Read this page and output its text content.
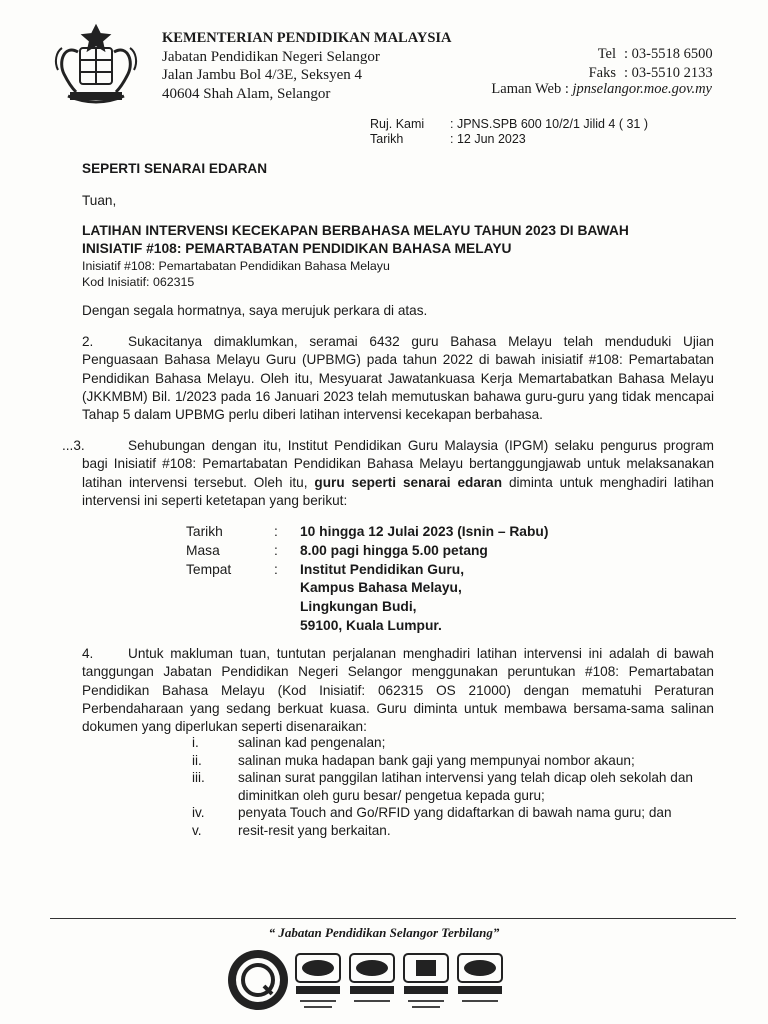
KEMENTERIAN PENDIDIKAN MALAYSIA
Jabatan Pendidikan Negeri Selangor
Jalan Jambu Bol 4/3E, Seksyen 4
40604 Shah Alam, Selangor
Tel : 03-5518 6500
Faks : 03-5510 2133
Laman Web : jpnselangor.moe.gov.my
Ruj. Kami	: JPNS.SPB 600 10/2/1 Jilid 4 ( 31 )
Tarikh	: 12 Jun 2023
SEPERTI SENARAI EDARAN
Tuan,
LATIHAN INTERVENSI KECEKAPAN BERBAHASA MELAYU TAHUN 2023 DI BAWAH
INISIATIF #108: PEMARTABATAN PENDIDIKAN BAHASA MELAYU
Inisiatif #108: Pemartabatan Pendidikan Bahasa Melayu
Kod Inisiatif: 062315
Dengan segala hormatnya, saya merujuk perkara di atas.
2.	Sukacitanya dimaklumkan, seramai 6432 guru Bahasa Melayu telah menduduki Ujian Penguasaan Bahasa Melayu Guru (UPBMG) pada tahun 2022 di bawah inisiatif #108: Pemartabatan Pendidikan Bahasa Melayu. Oleh itu, Mesyuarat Jawatankuasa Kerja Memartabatkan Bahasa Melayu (JKKMBM) Bil. 1/2023 pada 16 Januari 2023 telah memutuskan bahawa guru-guru yang tidak mencapai Tahap 5 dalam UPBMG perlu diberi latihan intervensi kecekapan berbahasa.
...3.	Sehubungan dengan itu, Institut Pendidikan Guru Malaysia (IPGM) selaku pengurus program bagi Inisiatif #108: Pemartabatan Pendidikan Bahasa Melayu bertanggungjawab untuk melaksanakan latihan intervensi tersebut. Oleh itu, guru seperti senarai edaran diminta untuk menghadiri latihan intervensi ini seperti ketetapan yang berikut:
Tarikh	:	10 hingga 12 Julai 2023 (Isnin – Rabu)
Masa	:	8.00 pagi hingga 5.00 petang
Tempat	:	Institut Pendidikan Guru,
Kampus Bahasa Melayu,
Lingkungan Budi,
59100, Kuala Lumpur.
4.	Untuk makluman tuan, tuntutan perjalanan menghadiri latihan intervensi ini adalah di bawah tanggungan Jabatan Pendidikan Negeri Selangor menggunakan peruntukan #108: Pemartabatan Pendidikan Bahasa Melayu (Kod Inisiatif: 062315 OS 21000) dengan mematuhi Peraturan Perbendaharaan yang sedang berkuat kuasa. Guru diminta untuk membawa bersama-sama salinan dokumen yang diperlukan seperti disenaraikan:
i.	salinan kad pengenalan;
ii.	salinan muka hadapan bank gaji yang mempunyai nombor akaun;
iii.	salinan surat panggilan latihan intervensi yang telah dicap oleh sekolah dan diminitkan oleh guru besar/ pengetua kepada guru;
iv.	penyata Touch and Go/RFID yang didaftarkan di bawah nama guru; dan
v.	resit-resit yang berkaitan.
“ Jabatan Pendidikan Selangor Terbilang”
